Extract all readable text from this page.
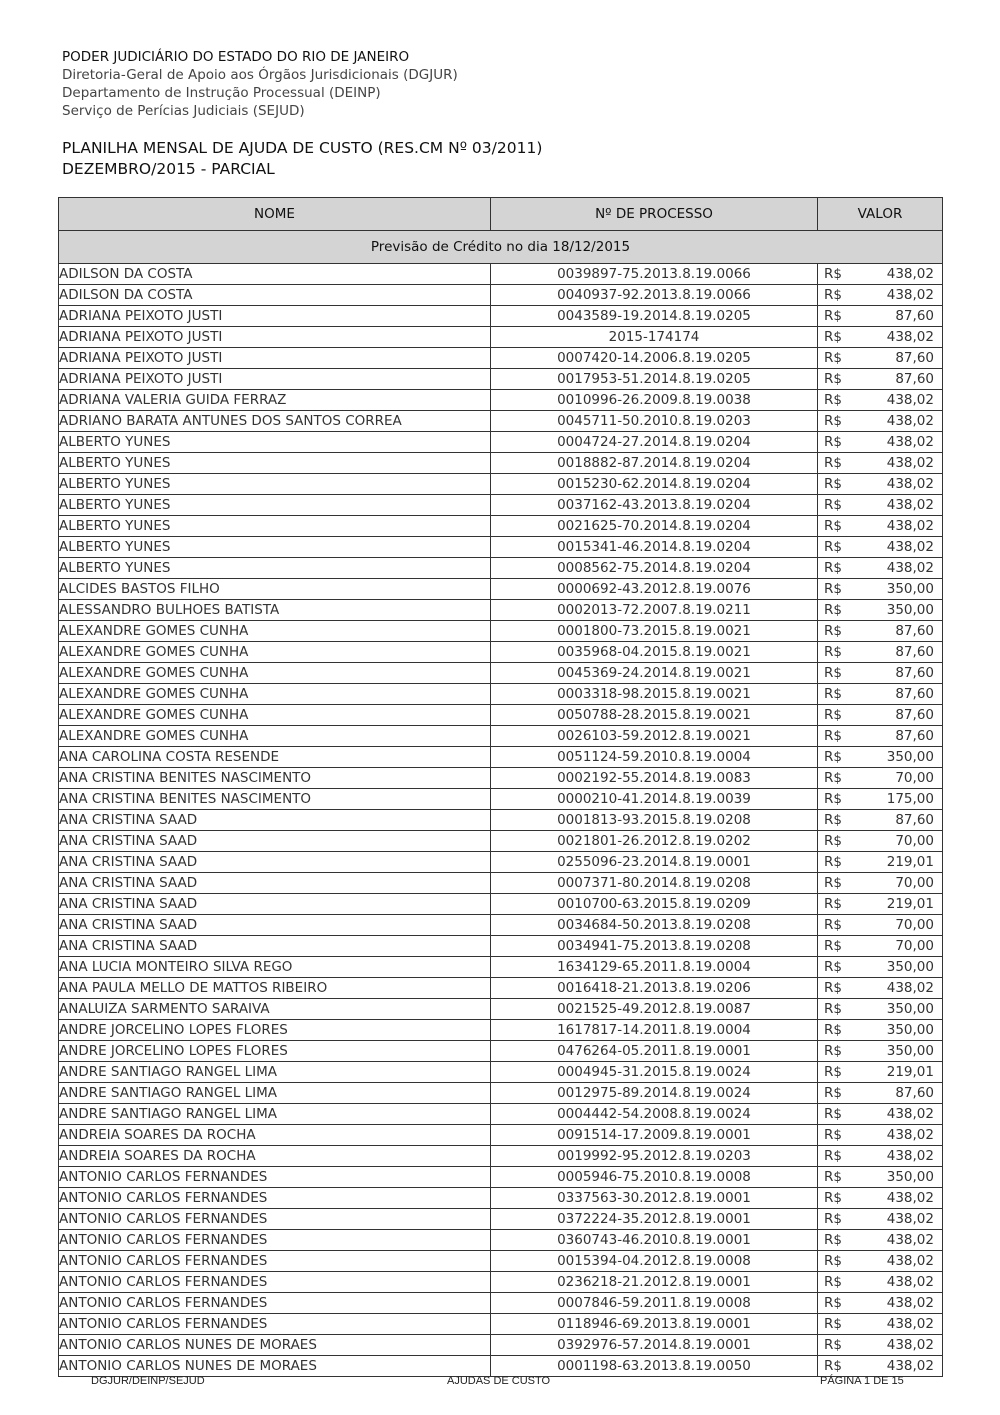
PODER JUDICIÁRIO DO ESTADO DO RIO DE JANEIRO
Diretoria-Geral de Apoio aos Órgãos Jurisdicionais (DGJUR)
Departamento de Instrução Processual (DEINP)
Serviço de Perícias Judiciais (SEJUD)
PLANILHA MENSAL DE AJUDA DE CUSTO (RES.CM Nº 03/2011)
DEZEMBRO/2015 - PARCIAL
NOME	Nº DE PROCESSO	VALOR
Previsão de Crédito no dia 18/12/2015		
ADILSON DA COSTA	0039897-75.2013.8.19.0066	R$ 438,02
ADILSON DA COSTA	0040937-92.2013.8.19.0066	R$ 438,02
ADRIANA PEIXOTO JUSTI	0043589-19.2014.8.19.0205	R$ 87,60
ADRIANA PEIXOTO JUSTI	2015-174174	R$ 438,02
ADRIANA PEIXOTO JUSTI	0007420-14.2006.8.19.0205	R$ 87,60
ADRIANA PEIXOTO JUSTI	0017953-51.2014.8.19.0205	R$ 87,60
ADRIANA VALERIA GUIDA FERRAZ	0010996-26.2009.8.19.0038	R$ 438,02
ADRIANO BARATA ANTUNES DOS SANTOS CORREA	0045711-50.2010.8.19.0203	R$ 438,02
ALBERTO YUNES	0004724-27.2014.8.19.0204	R$ 438,02
ALBERTO YUNES	0018882-87.2014.8.19.0204	R$ 438,02
ALBERTO YUNES	0015230-62.2014.8.19.0204	R$ 438,02
ALBERTO YUNES	0037162-43.2013.8.19.0204	R$ 438,02
ALBERTO YUNES	0021625-70.2014.8.19.0204	R$ 438,02
ALBERTO YUNES	0015341-46.2014.8.19.0204	R$ 438,02
ALBERTO YUNES	0008562-75.2014.8.19.0204	R$ 438,02
ALCIDES BASTOS FILHO	0000692-43.2012.8.19.0076	R$ 350,00
ALESSANDRO BULHOES BATISTA	0002013-72.2007.8.19.0211	R$ 350,00
ALEXANDRE GOMES CUNHA	0001800-73.2015.8.19.0021	R$ 87,60
ALEXANDRE GOMES CUNHA	0035968-04.2015.8.19.0021	R$ 87,60
ALEXANDRE GOMES CUNHA	0045369-24.2014.8.19.0021	R$ 87,60
ALEXANDRE GOMES CUNHA	0003318-98.2015.8.19.0021	R$ 87,60
ALEXANDRE GOMES CUNHA	0050788-28.2015.8.19.0021	R$ 87,60
ALEXANDRE GOMES CUNHA	0026103-59.2012.8.19.0021	R$ 87,60
ANA CAROLINA COSTA RESENDE	0051124-59.2010.8.19.0004	R$ 350,00
ANA CRISTINA BENITES NASCIMENTO	0002192-55.2014.8.19.0083	R$ 70,00
ANA CRISTINA BENITES NASCIMENTO	0000210-41.2014.8.19.0039	R$ 175,00
ANA CRISTINA SAAD	0001813-93.2015.8.19.0208	R$ 87,60
ANA CRISTINA SAAD	0021801-26.2012.8.19.0202	R$ 70,00
ANA CRISTINA SAAD	0255096-23.2014.8.19.0001	R$ 219,01
ANA CRISTINA SAAD	0007371-80.2014.8.19.0208	R$ 70,00
ANA CRISTINA SAAD	0010700-63.2015.8.19.0209	R$ 219,01
ANA CRISTINA SAAD	0034684-50.2013.8.19.0208	R$ 70,00
ANA CRISTINA SAAD	0034941-75.2013.8.19.0208	R$ 70,00
ANA LUCIA MONTEIRO SILVA REGO	1634129-65.2011.8.19.0004	R$ 350,00
ANA PAULA MELLO DE MATTOS RIBEIRO	0016418-21.2013.8.19.0206	R$ 438,02
ANALUIZA SARMENTO SARAIVA	0021525-49.2012.8.19.0087	R$ 350,00
ANDRE JORCELINO LOPES FLORES	1617817-14.2011.8.19.0004	R$ 350,00
ANDRE JORCELINO LOPES FLORES	0476264-05.2011.8.19.0001	R$ 350,00
ANDRE SANTIAGO RANGEL LIMA	0004945-31.2015.8.19.0024	R$ 219,01
ANDRE SANTIAGO RANGEL LIMA	0012975-89.2014.8.19.0024	R$ 87,60
ANDRE SANTIAGO RANGEL LIMA	0004442-54.2008.8.19.0024	R$ 438,02
ANDREIA SOARES DA ROCHA	0091514-17.2009.8.19.0001	R$ 438,02
ANDREIA SOARES DA ROCHA	0019992-95.2012.8.19.0203	R$ 438,02
ANTONIO CARLOS FERNANDES	0005946-75.2010.8.19.0008	R$ 350,00
ANTONIO CARLOS FERNANDES	0337563-30.2012.8.19.0001	R$ 438,02
ANTONIO CARLOS FERNANDES	0372224-35.2012.8.19.0001	R$ 438,02
ANTONIO CARLOS FERNANDES	0360743-46.2010.8.19.0001	R$ 438,02
ANTONIO CARLOS FERNANDES	0015394-04.2012.8.19.0008	R$ 438,02
ANTONIO CARLOS FERNANDES	0236218-21.2012.8.19.0001	R$ 438,02
ANTONIO CARLOS FERNANDES	0007846-59.2011.8.19.0008	R$ 438,02
ANTONIO CARLOS FERNANDES	0118946-69.2013.8.19.0001	R$ 438,02
ANTONIO CARLOS NUNES DE MORAES	0392976-57.2014.8.19.0001	R$ 438,02
ANTONIO CARLOS NUNES DE MORAES	0001198-63.2013.8.19.0050	R$ 438,02
DGJUR/DEINP/SEJUD	AJUDAS DE CUSTO	PÁGINA 1 DE 15
